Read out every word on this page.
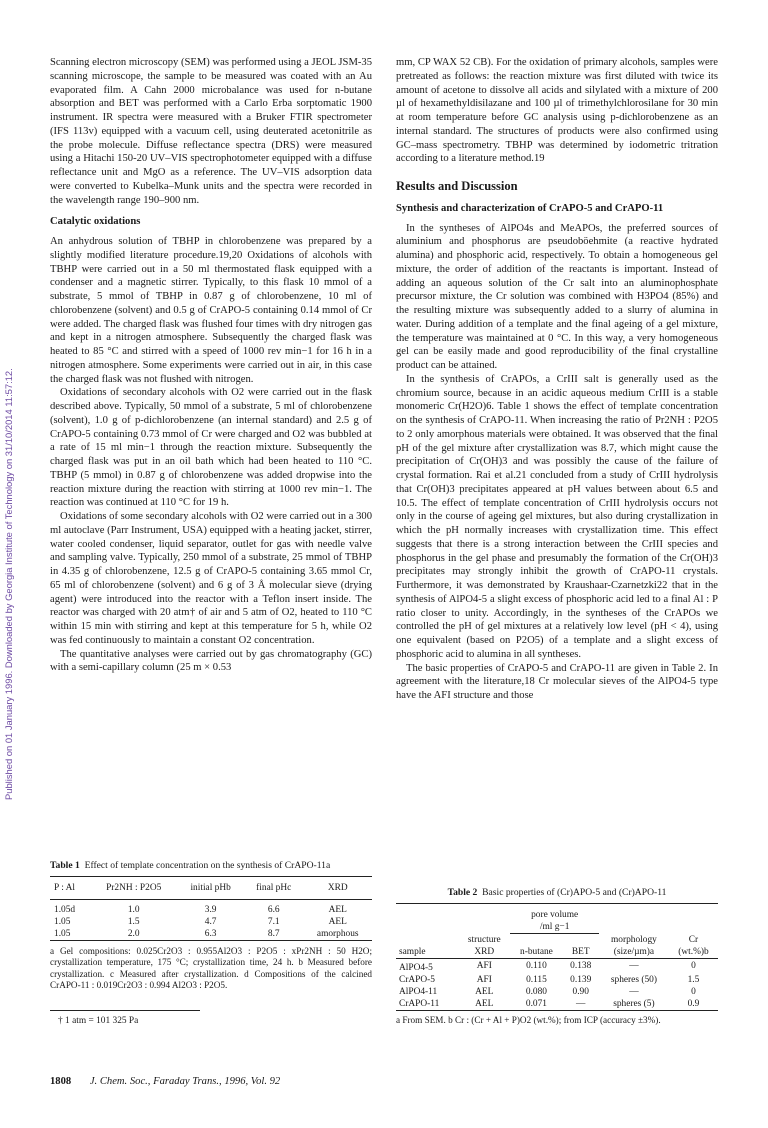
Published on 01 January 1996. Downloaded by Georgia Institute of Technology on 31/10/2014 11:57:12.

Scanning electron microscopy (SEM) was performed using a JEOL JSM-35 scanning microscope, the sample to be measured was coated with an Au evaporated film. A Cahn 2000 microbalance was used for n-butane absorption and BET was performed with a Carlo Erba sorptomatic 1900 instrument. IR spectra were measured with a Bruker FTIR spectrometer (IFS 113v) equipped with a vacuum cell, using deuterated acetonitrile as the probe molecule. Diffuse reflectance spectra (DRS) were measured using a Hitachi 150-20 UV–VIS spectrophotometer equipped with a diffuse reflectance unit and MgO as a reference. The UV–VIS adsorption data were converted to Kubelka–Munk units and the spectra were recorded in the wavelength range 190–900 nm.

Catalytic oxidations

An anhydrous solution of TBHP in chlorobenzene was prepared by a slightly modified literature procedure.19,20 Oxidations of alcohols with TBHP were carried out in a 50 ml thermostated flask equipped with a condenser and a magnetic stirrer. Typically, to this flask 10 mmol of a substrate, 5 mmol of TBHP in 0.87 g of chlorobenzene, 10 ml of chlorobenzene (solvent) and 0.5 g of CrAPO-5 containing 0.14 mmol of Cr were added. The charged flask was flushed four times with dry nitrogen gas and kept in a nitrogen atmosphere. Subsequently the charged flask was heated to 85 °C and stirred with a speed of 1000 rev min−1 for 16 h in a nitrogen atmosphere. Some experiments were carried out in air, in this case the charged flask was not flushed with nitrogen.

Oxidations of secondary alcohols with O2 were carried out in the flask described above. Typically, 50 mmol of a substrate, 5 ml of chlorobenzene (solvent), 1.0 g of p-dichlorobenzene (an internal standard) and 2.5 g of CrAPO-5 containing 0.73 mmol of Cr were charged and O2 was bubbled at a rate of 15 ml min−1 through the reaction mixture. Subsequently the charged flask was put in an oil bath which had been heated to 110 °C. TBHP (5 mmol) in 0.87 g of chlorobenzene was added dropwise into the reaction mixture during the reaction with stirring at 1000 rev min−1. The reaction was continued at 110 °C for 19 h.

Oxidations of some secondary alcohols with O2 were carried out in a 300 ml autoclave (Parr Instrument, USA) equipped with a heating jacket, stirrer, water cooled condenser, liquid separator, outlet for gas with needle valve and sampling valve. Typically, 250 mmol of a substrate, 25 mmol of TBHP in 4.35 g of chlorobenzene, 12.5 g of CrAPO-5 containing 3.65 mmol Cr, 65 ml of chlorobenzene (solvent) and 6 g of 3 Å molecular sieve (drying agent) were introduced into the reactor with a Teflon insert inside. The reactor was charged with 20 atm† of air and 5 atm of O2, heated to 110 °C within 15 min with stirring and kept at this temperature for 5 h, while O2 was fed continuously to maintain a constant O2 concentration.

The quantitative analyses were carried out by gas chromatography (GC) with a semi-capillary column (25 m × 0.53

mm, CP WAX 52 CB). For the oxidation of primary alcohols, samples were pretreated as follows: the reaction mixture was first diluted with twice its amount of acetone to dissolve all acids and silylated with a mixture of 200 µl of hexamethyldisilazane and 100 µl of trimethylchlorosilane for 30 min at room temperature before GC analysis using p-dichlorobenzene as an internal standard. The structures of products were also confirmed using GC–mass spectrometry. TBHP was determined by iodometric tritration according to a literature method.19

Results and Discussion
Synthesis and characterization of CrAPO-5 and CrAPO-11

In the syntheses of AlPO4s and MeAPOs, the preferred sources of aluminium and phosphorus are pseudoböehmite (a reactive hydrated alumina) and phosphoric acid, respectively. To obtain a homogeneous gel mixture, the order of addition of the reactants is important. Instead of adding an aqueous solution of the Cr salt into an aluminophosphate precursor mixture, the Cr solution was combined with H3PO4 (85%) and the resulting mixture was subsequently added to a slurry of alumina in water. During addition of a template and the final ageing of a gel mixture, the temperature was maintained at 0 °C. In this way, a very homogeneous gel can be easily made and good reproducibility of the final crystalline product can be attained.

In the synthesis of CrAPOs, a CrIII salt is generally used as the chromium source, because in an acidic aqueous medium CrIII is a stable monomeric Cr(H2O)6. Table 1 shows the effect of template concentration on the synthesis of CrAPO-11. When increasing the ratio of Pr2NH : P2O5 to 2 only amorphous materials were obtained. It was observed that the final pH of the gel mixture after crystallization was 8.7, which might cause the precipitation of Cr(OH)3 and was possibly the cause of the failure of crystal formation. Rai et al.21 concluded from a study of CrIII hydrolysis that Cr(OH)3 precipitates appeared at pH values between about 6.5 and 10.5. The effect of template concentration of CrIII hydrolysis occurs not only in the course of ageing gel mixtures, but also during crystallization in which the pH normally increases with crystallization time. This effect suggests that there is a strong interaction between the CrIII species and phosphorus in the gel phase and presumably the formation of the Cr(OH)3 precipitates may strongly inhibit the growth of CrAPO-11 crystals. Furthermore, it was demonstrated by Kraushaar-Czarnetzki22 that in the synthesis of AlPO4-5 a slight excess of phosphoric acid led to a final Al : P ratio closer to unity. Accordingly, in the syntheses of the CrAPOs we controlled the pH of gel mixtures at a relatively low level (pH < 4), using one equivalent (based on P2O5) of a template and a slight excess of phosphoric acid to alumina in all syntheses.

The basic properties of CrAPO-5 and CrAPO-11 are given in Table 2. In agreement with the literature,18 Cr molecular sieves of the AlPO4-5 type have the AFI structure and those

Table 1 Effect of template concentration on the synthesis of CrAPO-11a

P : Al	Pr2NH : P2O5	initial pHb	final pHc	XRD
1.05d	1.0	3.9	6.6	AEL
1.05	1.5	4.7	7.1	AEL
1.05	2.0	6.3	8.7	amorphous

a Gel compositions: 0.025Cr2O3 : 0.955Al2O3 : P2O5 : xPr2NH : 50 H2O; crystallization temperature, 175 °C; crystallization time, 24 h. b Measured before crystallization. c Measured after crystallization. d Compositions of the calcined CrAPO-11 : 0.019Cr2O3 : 0.994 Al2O3 : P2O5.

Table 2 Basic properties of (Cr)APO-5 and (Cr)APO-11

		pore volume			
		/ml g−1			
	structure			morphology	Cr
sample	XRD	n-butane	BET	(size/µm)a	(wt.%)b
AlPO4-5	AFI	0.110	0.138	—	0
CrAPO-5	AFI	0.115	0.139	spheres (50)	1.5
AlPO4-11	AEL	0.080	0.90	—	0
CrAPO-11	AEL	0.071	—	spheres (5)	0.9

a From SEM. b Cr : (Cr + Al + P)O2 (wt.%); from ICP (accuracy ±3%).

† 1 atm = 101 325 Pa
1808 J. Chem. Soc., Faraday Trans., 1996, Vol. 92
